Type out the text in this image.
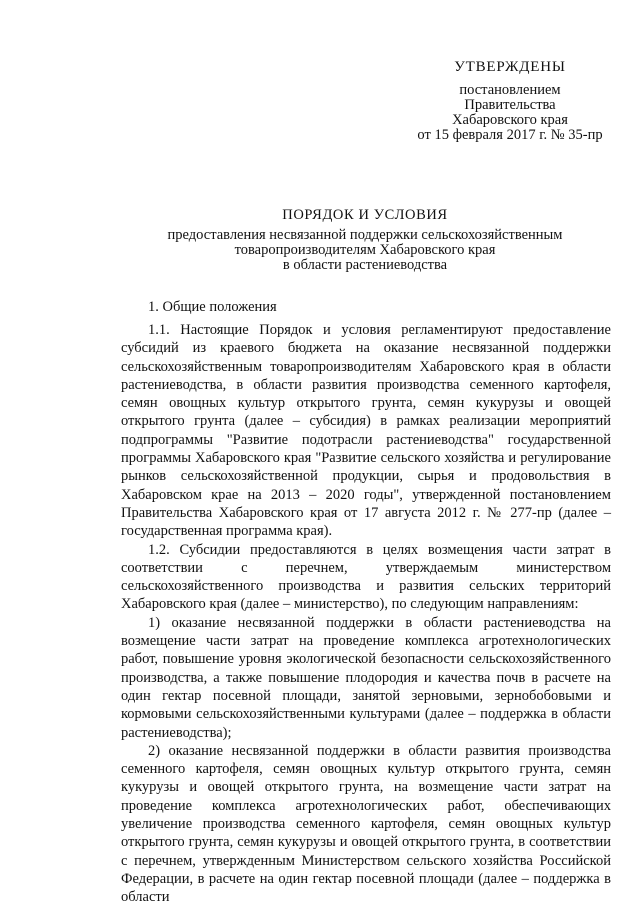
УТВЕРЖДЕНЫ
постановлением
Правительства
Хабаровского края
от 15 февраля 2017 г. № 35-пр
ПОРЯДОК И УСЛОВИЯ
предоставления несвязанной поддержки сельскохозяйственным
товаропроизводителям Хабаровского края
в области растениеводства
1. Общие положения

1.1. Настоящие Порядок и условия регламентируют предоставление субсидий из краевого бюджета на оказание несвязанной поддержки сельскохозяйственным товаропроизводителям Хабаровского края в области растениеводства, в области развития производства семенного картофеля, семян овощных культур открытого грунта, семян кукурузы и овощей открытого грунта (далее – субсидия) в рамках реализации мероприятий подпрограммы "Развитие подотрасли растениеводства" государственной программы Хабаровского края "Развитие сельского хозяйства и регулирование рынков сельскохозяйственной продукции, сырья и продовольствия в Хабаровском крае на 2013 – 2020 годы", утвержденной постановлением Правительства Хабаровского края от 17 августа 2012 г. № 277-пр (далее – государственная программа края).

1.2. Субсидии предоставляются в целях возмещения части затрат в соответствии с перечнем, утверждаемым министерством сельскохозяйственного производства и развития сельских территорий Хабаровского края (далее – министерство), по следующим направлениям:

1) оказание несвязанной поддержки в области растениеводства на возмещение части затрат на проведение комплекса агротехнологических работ, повышение уровня экологической безопасности сельскохозяйственного производства, а также повышение плодородия и качества почв в расчете на один гектар посевной площади, занятой зерновыми, зернобобовыми и кормовыми сельскохозяйственными культурами (далее – поддержка в области растениеводства);

2) оказание несвязанной поддержки в области развития производства семенного картофеля, семян овощных культур открытого грунта, семян кукурузы и овощей открытого грунта, на возмещение части затрат на проведение комплекса агротехнологических работ, обеспечивающих увеличение производства семенного картофеля, семян овощных культур открытого грунта, семян кукурузы и овощей открытого грунта, в соответствии с перечнем, утвержденным Министерством сельского хозяйства Российской Федерации, в расчете на один гектар посевной площади (далее – поддержка в области
